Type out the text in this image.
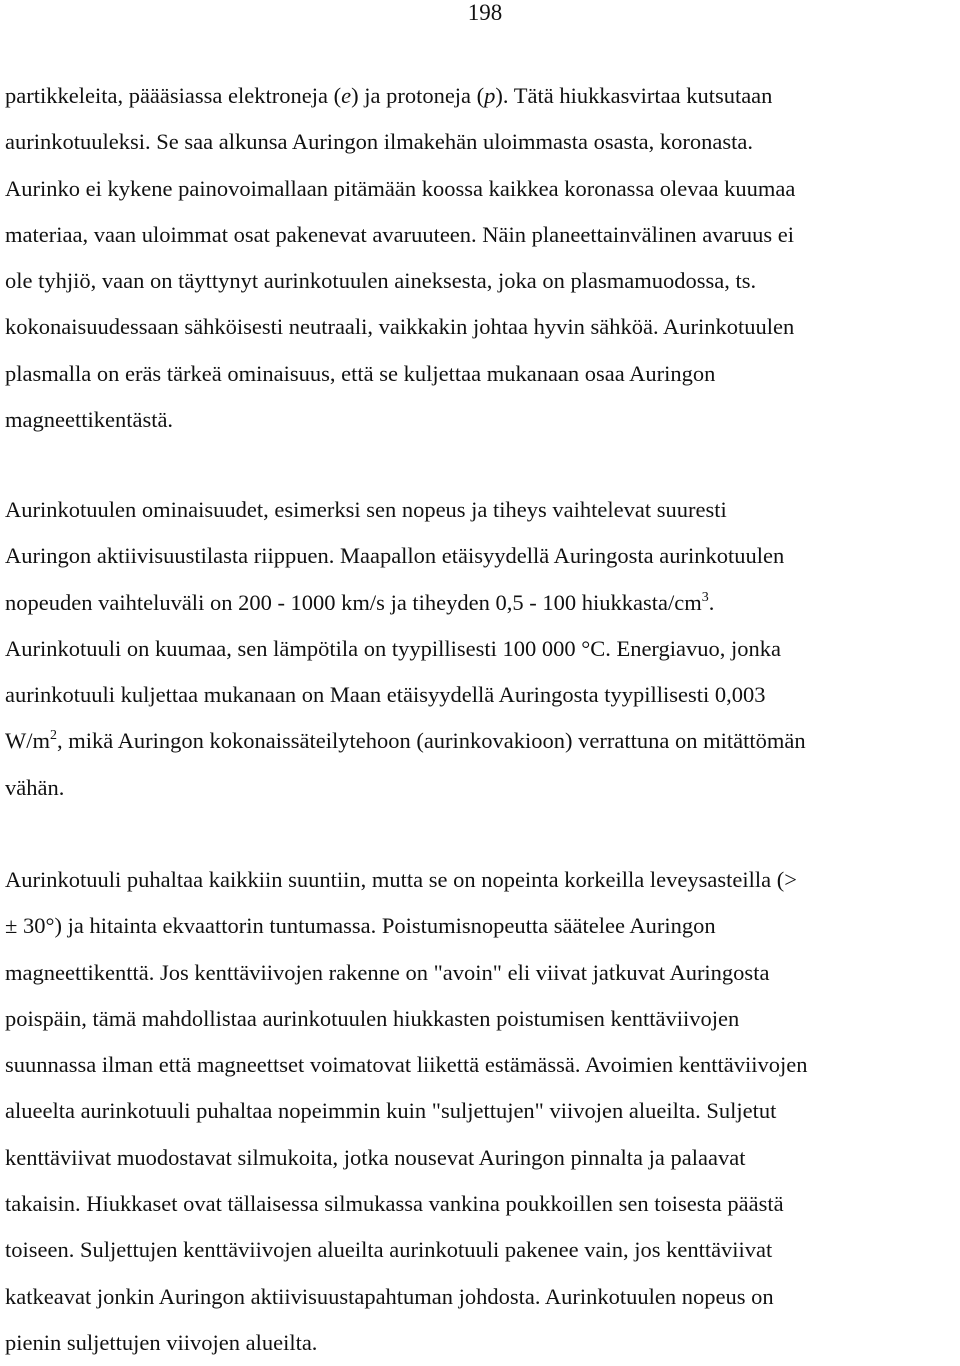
198

partikkeleita, päääsiassa elektroneja (e) ja protoneja (p). Tätä hiukkasvirtaa kutsutaan
aurinkotuuleksi. Se saa alkunsa Auringon ilmakehän uloimmasta osasta, koronasta.
Aurinko ei kykene painovoimallaan pitämään koossa kaikkea koronassa olevaa kuumaa
materiaa, vaan uloimmat osat pakenevat avaruuteen. Näin planeettainvälinen avaruus ei
ole tyhjiö, vaan on täyttynyt aurinkotuulen aineksesta, joka on plasmamuodossa, ts.
kokonaisuudessaan sähköisesti neutraali, vaikkakin johtaa hyvin sähköä. Aurinkotuulen
plasmalla on eräs tärkeä ominaisuus, että se kuljettaa mukanaan osaa Auringon
magneettikentästä.

Aurinkotuulen ominaisuudet, esimerksi sen nopeus ja tiheys vaihtelevat suuresti
Auringon aktiivisuustilasta riippuen. Maapallon etäisyydellä Auringosta aurinkotuulen
nopeuden vaihteluväli on 200 - 1000 km/s ja tiheyden 0,5 - 100 hiukkasta/$cm^3$.
Aurinkotuuli on kuumaa, sen lämpötila on tyypillisesti 100 000 °C. Energiavuo, jonka
aurinkotuuli kuljettaa mukanaan on Maan etäisyydellä Auringosta tyypillisesti 0,003
$W/m^2$, mikä Auringon kokonaissäteilytehoon (aurinkovakioon) verrattuna on mitättömän
vähän.

Aurinkotuuli puhaltaa kaikkiin suuntiin, mutta se on nopeinta korkeilla leveysasteilla (>
± 30°) ja hitainta ekvaattorin tuntumassa. Poistumisnopeutta säätelee Auringon
magneettikenttä. Jos kenttäviivojen rakenne on "avoin" eli viivat jatkuvat Auringosta
poispäin, tämä mahdollistaa aurinkotuulen hiukkasten poistumisen kenttäviivojen
suunnassa ilman että magneettset voimatovat liikettä estämässä. Avoimien kenttäviivojen
alueelta aurinkotuuli puhaltaa nopeimmin kuin "suljettujen" viivojen alueilta. Suljetut
kenttäviivat muodostavat silmukoita, jotka nousevat Auringon pinnalta ja palaavat
takaisin. Hiukkaset ovat tällaisessa silmukassa vankina poukkoillen sen toisesta päästä
toiseen. Suljettujen kenttäviivojen alueilta aurinkotuuli pakenee vain, jos kenttäviivat
katkeavat jonkin Auringon aktiivisuustapahtuman johdosta. Aurinkotuulen nopeus on
pienin suljettujen viivojen alueilta.
